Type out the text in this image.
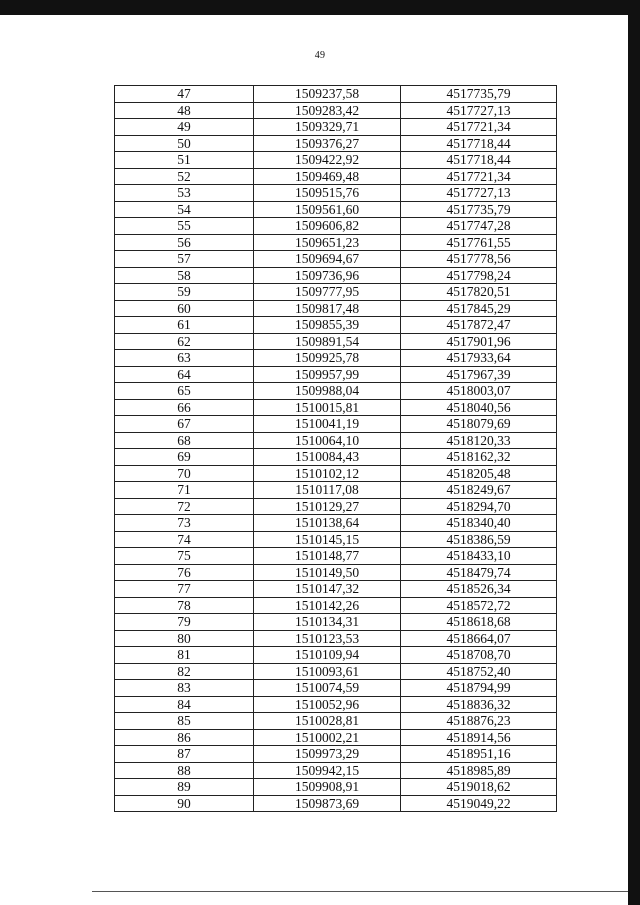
49
47	1509237,58	4517735,79
48	1509283,42	4517727,13
49	1509329,71	4517721,34
50	1509376,27	4517718,44
51	1509422,92	4517718,44
52	1509469,48	4517721,34
53	1509515,76	4517727,13
54	1509561,60	4517735,79
55	1509606,82	4517747,28
56	1509651,23	4517761,55
57	1509694,67	4517778,56
58	1509736,96	4517798,24
59	1509777,95	4517820,51
60	1509817,48	4517845,29
61	1509855,39	4517872,47
62	1509891,54	4517901,96
63	1509925,78	4517933,64
64	1509957,99	4517967,39
65	1509988,04	4518003,07
66	1510015,81	4518040,56
67	1510041,19	4518079,69
68	1510064,10	4518120,33
69	1510084,43	4518162,32
70	1510102,12	4518205,48
71	1510117,08	4518249,67
72	1510129,27	4518294,70
73	1510138,64	4518340,40
74	1510145,15	4518386,59
75	1510148,77	4518433,10
76	1510149,50	4518479,74
77	1510147,32	4518526,34
78	1510142,26	4518572,72
79	1510134,31	4518618,68
80	1510123,53	4518664,07
81	1510109,94	4518708,70
82	1510093,61	4518752,40
83	1510074,59	4518794,99
84	1510052,96	4518836,32
85	1510028,81	4518876,23
86	1510002,21	4518914,56
87	1509973,29	4518951,16
88	1509942,15	4518985,89
89	1509908,91	4519018,62
90	1509873,69	4519049,22
